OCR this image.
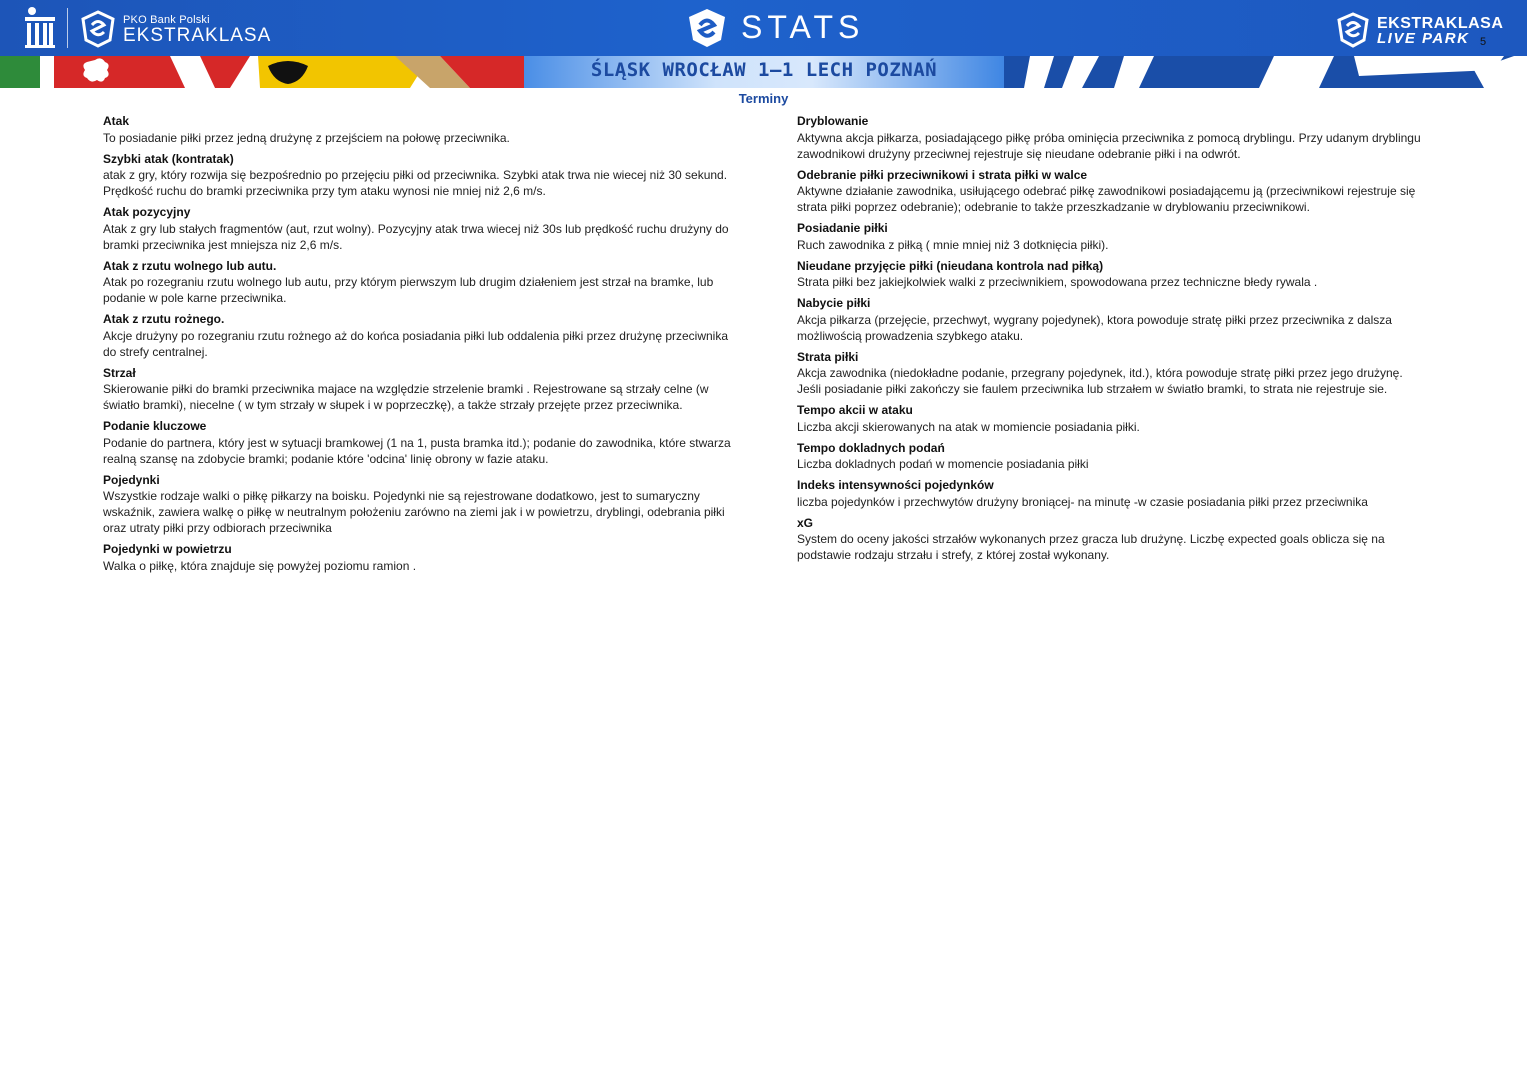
PKO Bank Polski
EKSTRAKLASA	STATS	EKSTRAKLASA
LIVE PARK 5
ŚLĄSK WROCŁAW 1–1 LECH POZNAŃ
Terminy
Atak

To posiadanie piłki przez jedną drużynę z przejściem na połowę przeciwnika.

Szybki atak (kontratak)

atak z gry, który rozwija się bezpośrednio po przejęciu piłki od przeciwnika. Szybki atak trwa nie wiecej niż 30 sekund. Prędkość ruchu do bramki przeciwnika przy tym ataku wynosi nie mniej niż 2,6 m/s.

Atak pozycyjny

Atak z gry lub stałych fragmentów (aut, rzut wolny). Pozycyjny atak trwa wiecej niż 30s lub prędkość ruchu drużyny do bramki przeciwnika jest mniejsza niz 2,6 m/s.

Atak z rzutu wolnego lub autu.

Atak po rozegraniu rzutu wolnego lub autu, przy którym pierwszym lub drugim działeniem jest strzał na bramke, lub podanie w pole karne przeciwnika.

Atak z rzutu rożnego.

Akcje drużyny po rozegraniu rzutu rożnego aż do końca posiadania piłki lub oddalenia piłki przez drużynę przeciwnika do strefy centralnej.

Strzał

Skierowanie piłki do bramki przeciwnika majace na względzie strzelenie bramki . Rejestrowane są strzały celne (w światło bramki), niecelne ( w tym strzały w słupek i w poprzeczkę), a także strzały przejęte przez przeciwnika.

Podanie kluczowe

Podanie do partnera, który jest w sytuacji bramkowej (1 na 1, pusta bramka itd.); podanie do zawodnika, które stwarza realną szansę na zdobycie bramki; podanie które 'odcina' linię obrony w fazie ataku.

Pojedynki

Wszystkie rodzaje walki o piłkę piłkarzy na boisku. Pojedynki nie są rejestrowane dodatkowo, jest to sumaryczny wskaźnik, zawiera walkę o piłkę w neutralnym położeniu zarówno na ziemi jak i w powietrzu, dryblingi, odebrania piłki oraz utraty piłki przy odbiorach przeciwnika

Pojedynki w powietrzu

Walka o piłkę, która znajduje się powyżej poziomu ramion .

Dryblowanie

Aktywna akcja piłkarza, posiadającego piłkę próba ominięcia przeciwnika z pomocą dryblingu. Przy udanym dryblingu zawodnikowi drużyny przeciwnej rejestruje się nieudane odebranie piłki i na odwrót.

Odebranie piłki przeciwnikowi i strata piłki w walce

Aktywne działanie zawodnika, usiłującego odebrać piłkę zawodnikowi posiadającemu ją (przeciwnikowi rejestruje się strata piłki poprzez odebranie); odebranie to także przeszkadzanie w dryblowaniu przeciwnikowi.

Posiadanie piłki

Ruch zawodnika z piłką ( mnie mniej niż 3 dotknięcia piłki).

Nieudane przyjęcie piłki (nieudana kontrola nad piłką)

Strata piłki bez jakiejkolwiek walki z przeciwnikiem, spowodowana przez techniczne błedy rywala .

Nabycie piłki

Akcja piłkarza (przejęcie, przechwyt, wygrany pojedynek), ktora powoduje stratę piłki przez przeciwnika z dalsza możliwością prowadzenia szybkego ataku.

Strata piłki

Akcja zawodnika (niedokładne podanie, przegrany pojedynek, itd.), która powoduje stratę piłki przez jego drużynę. Jeśli posiadanie piłki zakończy sie faulem przeciwnika lub strzałem w światło bramki, to strata nie rejestruje sie.

Tempo akcii w ataku

Liczba akcji skierowanych na atak w momiencie posiadania piłki.

Tempo dokladnych podań

Liczba dokladnych podań w momencie posiadania piłki

Indeks intensywności pojedynków

liczba pojedynków i przechwytów drużyny broniącej- na minutę -w czasie posiadania piłki przez przeciwnika

xG

System do oceny jakości strzałów wykonanych przez gracza lub drużynę. Liczbę expected goals oblicza się na podstawie rodzaju strzału i strefy, z której został wykonany.
